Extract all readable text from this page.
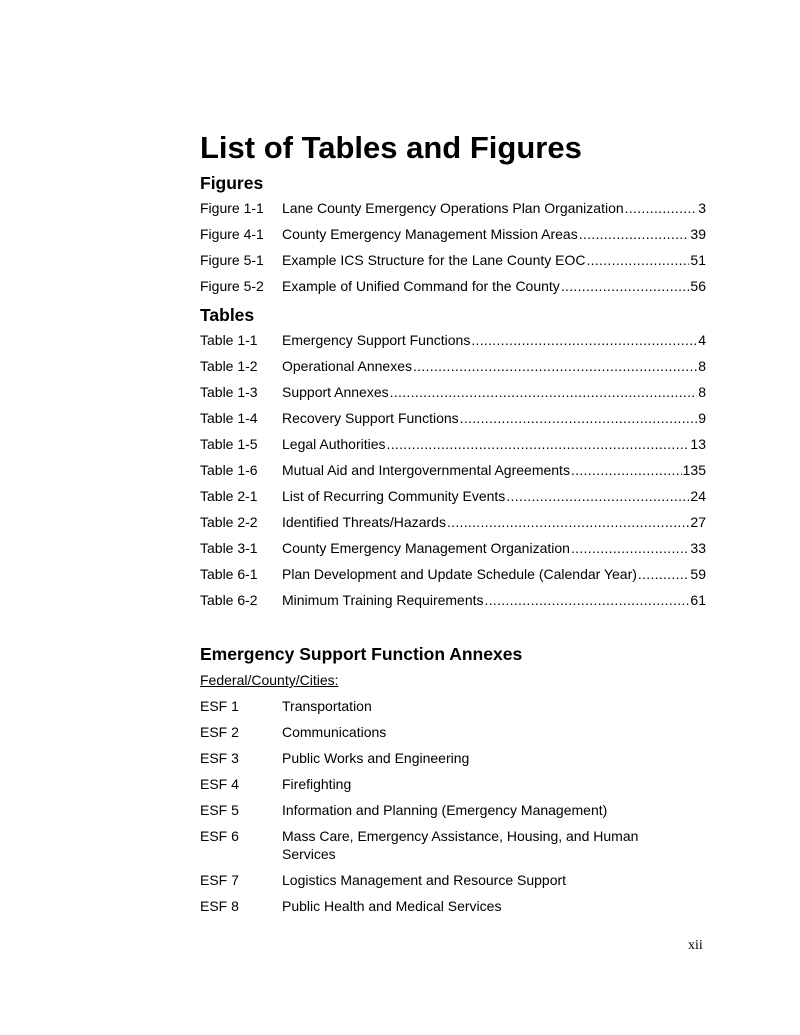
List of Tables and Figures
Figures
Figure 1-1	Lane County Emergency Operations Plan Organization .....	3
Figure 4-1	County Emergency Management Mission Areas .....	39
Figure 5-1	Example ICS Structure for the Lane County EOC .....	51
Figure 5-2	Example of Unified Command for the County .....	56
Tables
Table 1-1	Emergency Support Functions .....	4
Table 1-2	Operational Annexes .....	8
Table 1-3	Support Annexes .....	8
Table 1-4	Recovery Support Functions .....	9
Table 1-5	Legal Authorities .....	13
Table 1-6	Mutual Aid and Intergovernmental Agreements .....	135
Table 2-1	List of Recurring Community Events .....	24
Table 2-2	Identified Threats/Hazards .....	27
Table 3-1	County Emergency Management Organization .....	33
Table 6-1	Plan Development and Update Schedule (Calendar Year) .....	59
Table 6-2	Minimum Training Requirements .....	61
Emergency Support Function Annexes
Federal/County/Cities:
ESF 1	Transportation
ESF 2	Communications
ESF 3	Public Works and Engineering
ESF 4	Firefighting
ESF 5	Information and Planning (Emergency Management)
ESF 6	Mass Care, Emergency Assistance, Housing, and Human Services
ESF 7	Logistics Management and Resource Support
ESF 8	Public Health and Medical Services
xii
